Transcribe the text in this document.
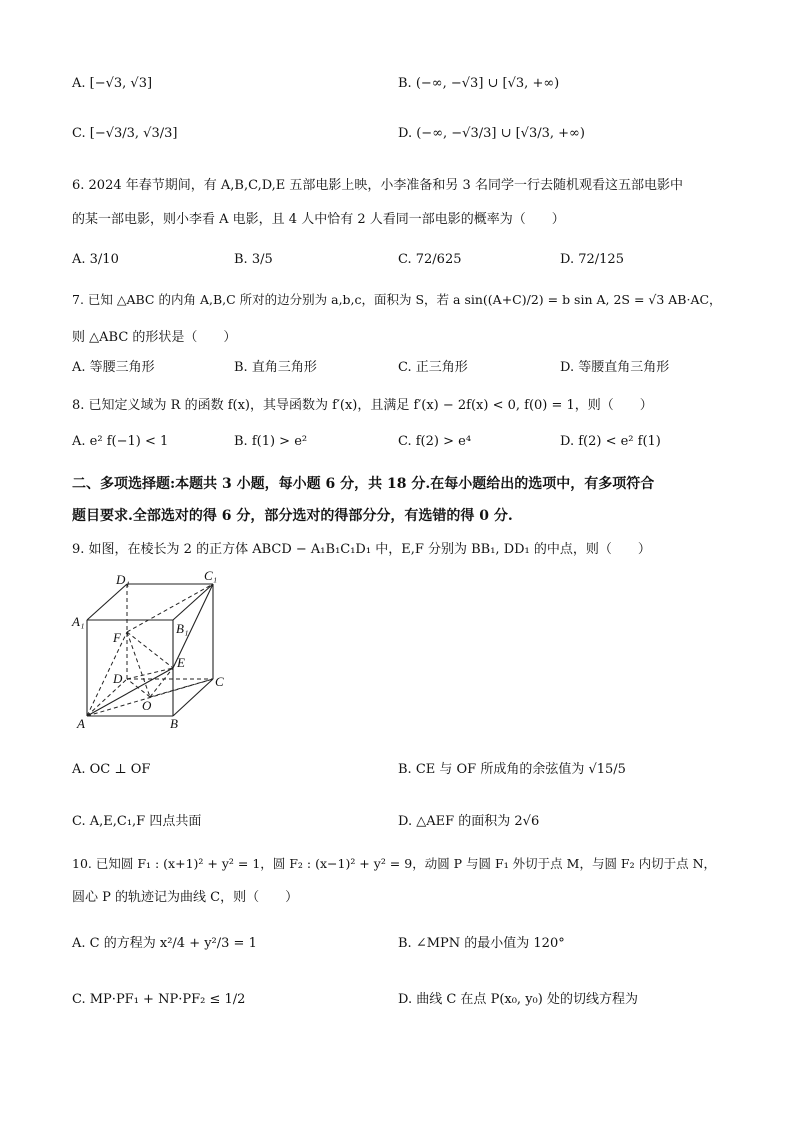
A. [−√3, √3]	B. (−∞, −√3] ∪ [√3, +∞)
C. [−√3/3, √3/3]	D. (−∞, −√3/3] ∪ [√3/3, +∞)
6. 2024 年春节期间，有 A,B,C,D,E 五部电影上映，小李准备和另 3 名同学一行去随机观看这五部电影中
的某一部电影，则小李看 A 电影，且 4 人中恰有 2 人看同一部电影的概率为（　　）
A. 3/10	B. 3/5	C. 72/625	D. 72/125
7. 已知 △ABC 的内角 A,B,C 所对的边分别为 a,b,c，面积为 S，若 a sin((A+C)/2) = b sin A, 2S = √3 AB·AC，
则 △ABC 的形状是（　　）
A. 等腰三角形	B. 直角三角形	C. 正三角形	D. 等腰直角三角形
8. 已知定义域为 R 的函数 f(x)，其导函数为 f′(x)，且满足 f′(x) − 2f(x) < 0, f(0) = 1，则（　　）
A. e² f(−1) < 1	B. f(1) > e²	C. f(2) > e⁴	D. f(2) < e² f(1)
二、多项选择题:本题共 3 小题，每小题 6 分，共 18 分.在每小题给出的选项中，有多项符合
题目要求.全部选对的得 6 分，部分选对的得部分分，有选错的得 0 分.
9. 如图，在棱长为 2 的正方体 ABCD − A₁B₁C₁D₁ 中，E,F 分别为 BB₁, DD₁ 的中点，则（　　）
D₁	C₁
A₁	B₁
F
E
D	C
O
A	B
A. OC ⊥ OF	B. CE 与 OF 所成角的余弦值为 √15/5
C. A,E,C₁,F 四点共面	D. △AEF 的面积为 2√6
10. 已知圆 F₁ : (x+1)² + y² = 1，圆 F₂ : (x−1)² + y² = 9，动圆 P 与圆 F₁ 外切于点 M，与圆 F₂ 内切于点 N，
圆心 P 的轨迹记为曲线 C，则（　　）
A. C 的方程为 x²/4 + y²/3 = 1	B. ∠MPN 的最小值为 120°
C. MP·PF₁ + NP·PF₂ ≤ 1/2	D. 曲线 C 在点 P(x₀, y₀) 处的切线方程为
